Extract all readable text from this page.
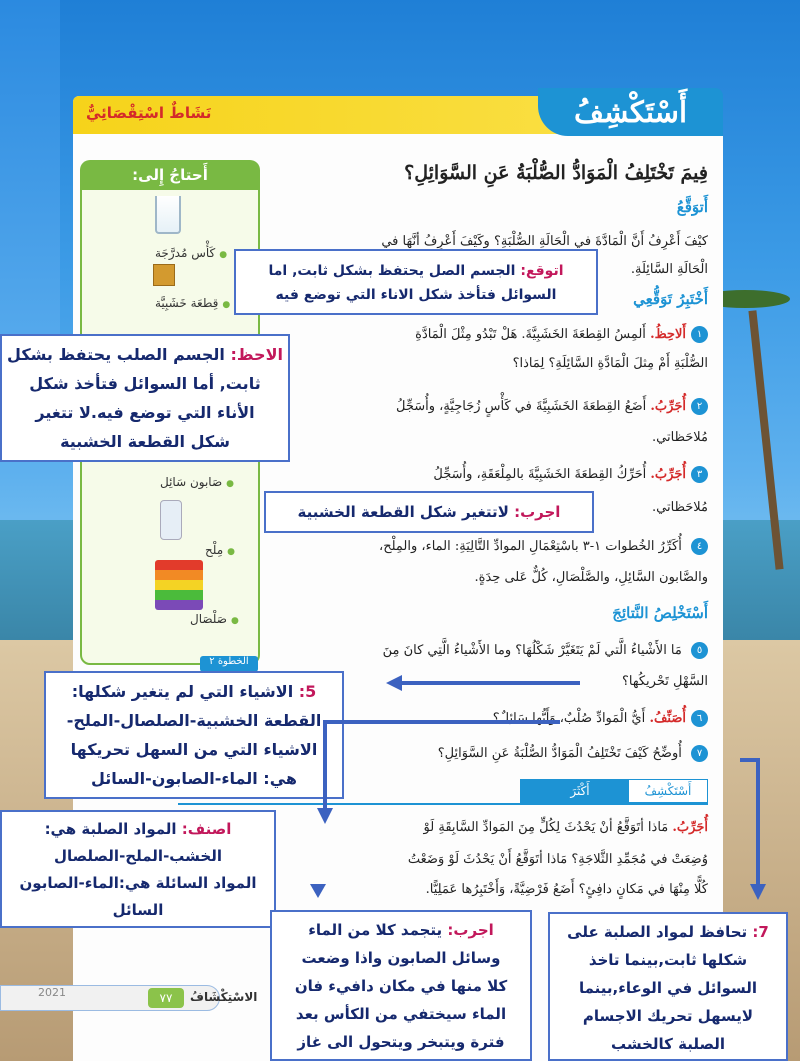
أَسْتَكْشِفُ
نَشَاطٌ اسْتِقْصَائِيٌّ
أَحتاجُ إِلى:
● كَأْس مُدرَّجَة
● قِطعَة خَشَبِيَّة
● صَابون سَائِل
● مِلْح
● صَلْصَال
الخطوة ٢
فِيمَ تَخْتَلِفُ الْمَوَادُّ الصُّلْبَةُ عَنِ السَّوَائِلِ؟
أَتوَقَّعُ
كيْفَ أَعْرِفُ أَنَّ الْمَادَّةَ في الْحَالَةِ الصُّلْبَةِ؟ وكَيْفَ أَعْرِفُ أنَّهَا في
الْحَالَةِ السَّائِلَةِ.
أَخْتَبِرُ تَوَقُّعِي
١أَلاحِظُ. أَلمِسُ القِطعَةَ الخَشَبِيَّةَ. هَلْ تَبْدُو مِثْلَ الْمَادَّةِ
الصُّلْبَةِ أَمْ مِثلَ الْمَادَّةِ السَّائِلَةِ؟ لِمَاذا؟
٢أُجَرِّبُ. أَضَعُ القِطعَةَ الخَشَبِيَّةَ في كَأْسٍ زُجَاجِيَّةٍ، وأُسَجِّلُ
مُلاحَظاتي.
٣أُجَرِّبُ. أُحَرِّكُ القِطعَةَ الخَشَبِيَّةَ بالمِلْعَقَةِ، وأُسَجِّلُ
مُلاحَظاتي.
٤ أُكَرِّرُ الخُطوات ١-٣ باسْتِعْمَالِ الموادِّ التَّالِيَةِ: الماء، والمِلْح،
والصَّابون السَّائِلِ، والصَّلْصَالِ، كُلٌّ عَلى حِدَةٍ.
أَسْتَخْلِصُ النَّتائِجَ
٥ مَا الأَشْياءُ الَّتي لَمْ يَتَغَيَّرْ شَكْلُهَا؟ وما الأَشْياءُ الَّتِي كانَ مِنَ
السَّهْلِ تَحْريكُها؟
٦أُصَنِّفُ. أَيُّ الْمَوادِّ صُلْبٌ، وَأَيُّها سَائِلٌ؟
٧ أُوضِّحُ كَيْفَ تَخْتَلِفُ الْمَوَادُّ الصُّلْبَةُ عَنِ السَّوَائِلِ؟
أَكْثَرَ	أَسْتَكْشِفُ
أُجَرِّبُ. مَاذا أتَوَقَّعُ أنْ يَحْدُثَ لِكُلٍّ مِنَ المَوادِّ السَّابِقَةِ لَوْ
وُضِعَتْ في مُجَمِّدِ الثَّلاجَةِ؟ مَاذا أتَوَقَّعُ أَنْ يَحْدُثَ لَوْ وَضَعْتُ
كُلًّا مِنْهَا في مَكانٍ دافِئٍ؟ أَضَعُ فَرْضِيَّةً، وَأَخْتَبِرُها عَمَلِيًّا.
اتوقع: الجسم الصل يحتفظ بشكل ثابت, اما
السوائل فتأخذ شكل الاناء التي توضع فيه
الاحظ: الجسم الصلب يحتفظ بشكل
ثابت, أما السوائل فتأخذ شكل
الأناء التي توضع فيه.لا تتغير
شكل القطعة الخشبية
اجرب: لاتتغير شكل القطعة الخشبية
5: الاشياء التي لم يتغير شكلها:
القطعة الخشبية-الصلصال-الملح-
الاشياء التي من السهل تحريكها
هي: الماء-الصابون-السائل
اصنف: المواد الصلبة هي:
الخشب-الملح-الصلصال
المواد السائلة هي:الماء-الصابون
السائل
اجرب: يتجمد كلا من الماء
وسائل الصابون واذا وضعت
كلا منها في مكان دافيء فان
الماء سيختفي من الكأس بعد
فترة ويتبخر ويتحول الى غاز
7: تحافظ لمواد الصلبة على
شكلها ثابت,بينما تاخذ
السوائل في الوعاء,بينما
لايسهل تحريك الاجسام
الصلبة كالخشب
2021	٧٧	الاسْتِكْشَافُ
